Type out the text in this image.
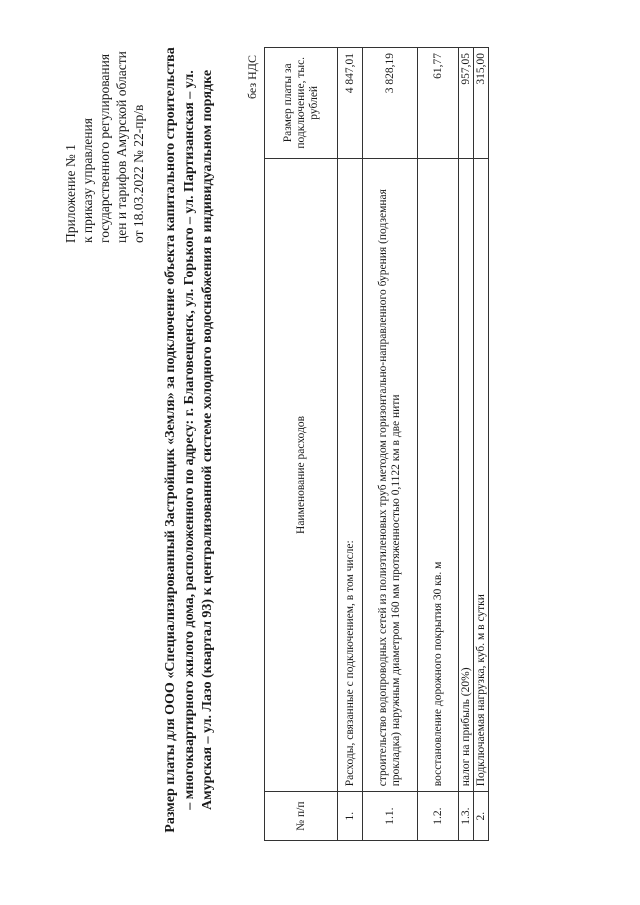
Приложение № 1 к приказу управления государственного регулирования цен и тарифов Амурской области от 18.03.2022 № 22-пр/в Размер платы для ООО «Специализированный Застройщик «Земля» за подключение объекта капитального строительства – многоквартирного жилого дома, расположенного по адресу: г. Благовещенск, ул. Горького – ул. Партизанская – ул. Амурская – ул. Лазо (квартал 93) к централизованной системе холодного водоснабжения в индивидуальном порядке	без НДС
№ п/п	Наименование расходов	Размер платы за подключение, тыс. рублей
1.	Расходы, связанные с подключением, в том числе:	4 847,01
1.1.	строительство водопроводных сетей из полиэтиленовых труб методом горизонтально-направленного бурения (подземная прокладка) наружным диаметром 160 мм протяженностью 0,1122 км в две нити	3 828,19
1.2.	восстановление дорожного покрытия 30 кв. м	61,77
1.3.	налог на прибыль (20%)	957,05
2.	Подключаемая нагрузка, куб. м в сутки	315,00
